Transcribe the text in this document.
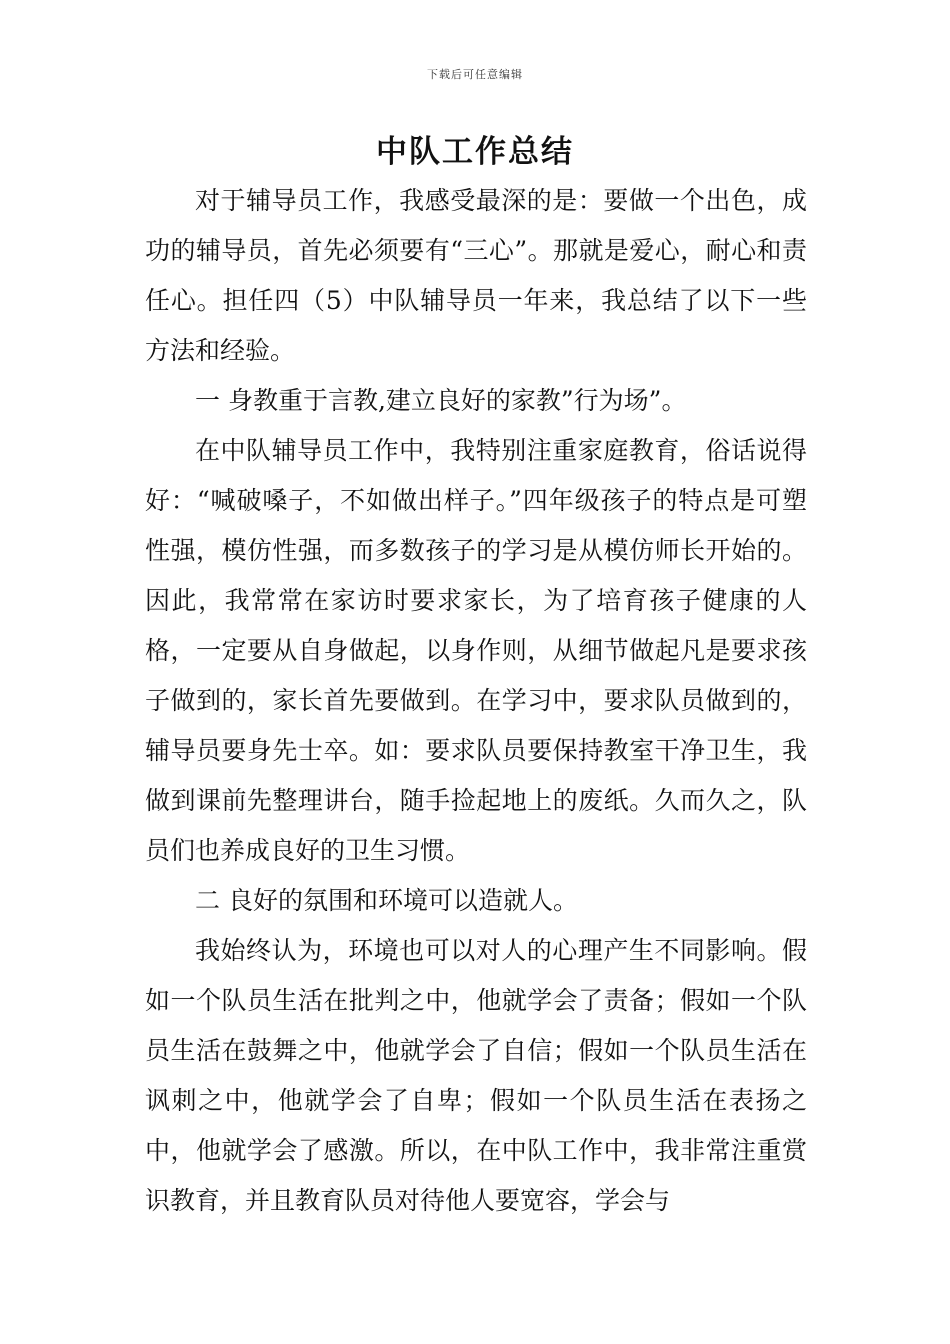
下载后可任意编辑
中队工作总结

对于辅导员工作，我感受最深的是：要做一个出色，成功的辅导员，首先必须要有“三心”。那就是爱心，耐心和责任心。担任四（5）中队辅导员一年来，我总结了以下一些方法和经验。

一 身教重于言教,建立良好的家教”行为场”。

在中队辅导员工作中，我特别注重家庭教育，俗话说得好：“喊破嗓子，不如做出样子。”四年级孩子的特点是可塑性强，模仿性强，而多数孩子的学习是从模仿师长开始的。因此，我常常在家访时要求家长，为了培育孩子健康的人格，一定要从自身做起，以身作则，从细节做起凡是要求孩子做到的，家长首先要做到。在学习中，要求队员做到的，辅导员要身先士卒。如：要求队员要保持教室干净卫生，我做到课前先整理讲台，随手捡起地上的废纸。久而久之，队员们也养成良好的卫生习惯。

二 良好的氛围和环境可以造就人。

我始终认为，环境也可以对人的心理产生不同影响。假如一个队员生活在批判之中，他就学会了责备；假如一个队员生活在鼓舞之中，他就学会了自信；假如一个队员生活在讽刺之中，他就学会了自卑；假如一个队员生活在表扬之中，他就学会了感激。所以，在中队工作中，我非常注重赏识教育，并且教育队员对待他人要宽容，学会与
